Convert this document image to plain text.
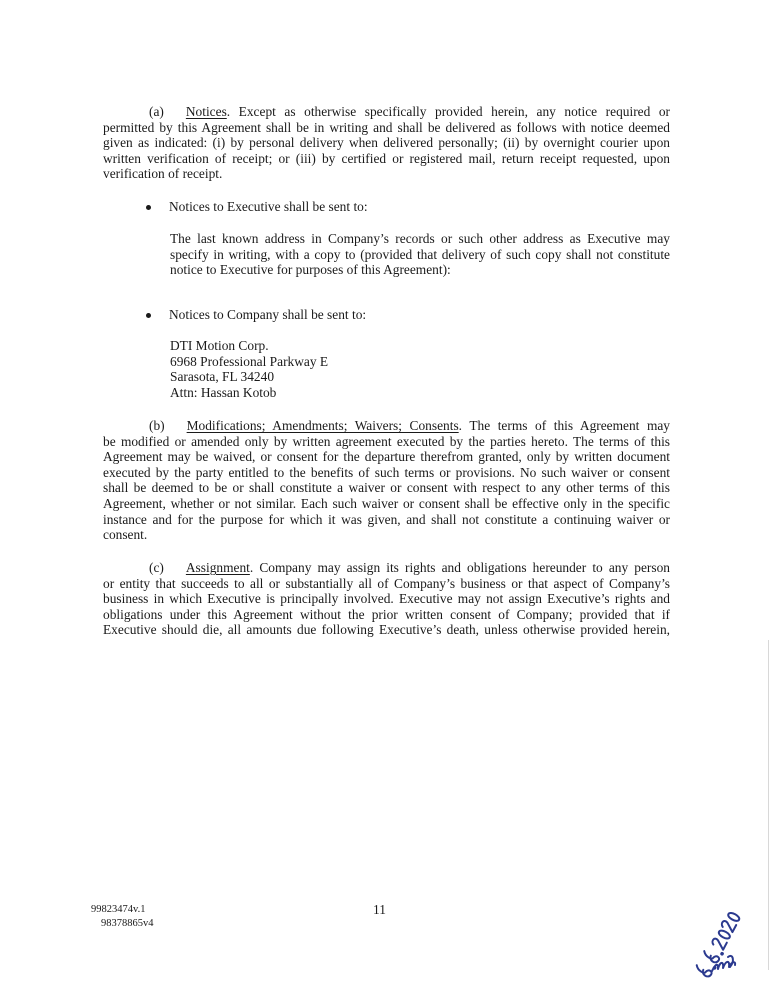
(a) Notices. Except as otherwise specifically provided herein, any notice required or
permitted by this Agreement shall be in writing and shall be delivered as follows with notice deemed
given as indicated: (i) by personal delivery when delivered personally; (ii) by overnight courier upon
written verification of receipt; or (iii) by certified or registered mail, return receipt requested, upon
verification of receipt.
Notices to Executive shall be sent to:
The last known address in Company’s records or such other address as Executive may
specify in writing, with a copy to (provided that delivery of such copy shall not constitute
notice to Executive for purposes of this Agreement):
Notices to Company shall be sent to:
DTI Motion Corp.
6968 Professional Parkway E
Sarasota, FL 34240
Attn: Hassan Kotob
(b) Modifications; Amendments; Waivers; Consents. The terms of this Agreement may
be modified or amended only by written agreement executed by the parties hereto. The terms of this
Agreement may be waived, or consent for the departure therefrom granted, only by written document
executed by the party entitled to the benefits of such terms or provisions. No such waiver or consent
shall be deemed to be or shall constitute a waiver or consent with respect to any other terms of this
Agreement, whether or not similar. Each such waiver or consent shall be effective only in the specific
instance and for the purpose for which it was given, and shall not constitute a continuing waiver or
consent.
(c) Assignment. Company may assign its rights and obligations hereunder to any person
or entity that succeeds to all or substantially all of Company’s business or that aspect of Company’s
business in which Executive is principally involved. Executive may not assign Executive’s rights and
obligations under this Agreement without the prior written consent of Company; provided that if
Executive should die, all amounts due following Executive’s death, unless otherwise provided herein,
99823474v.1
98378865v4
11
